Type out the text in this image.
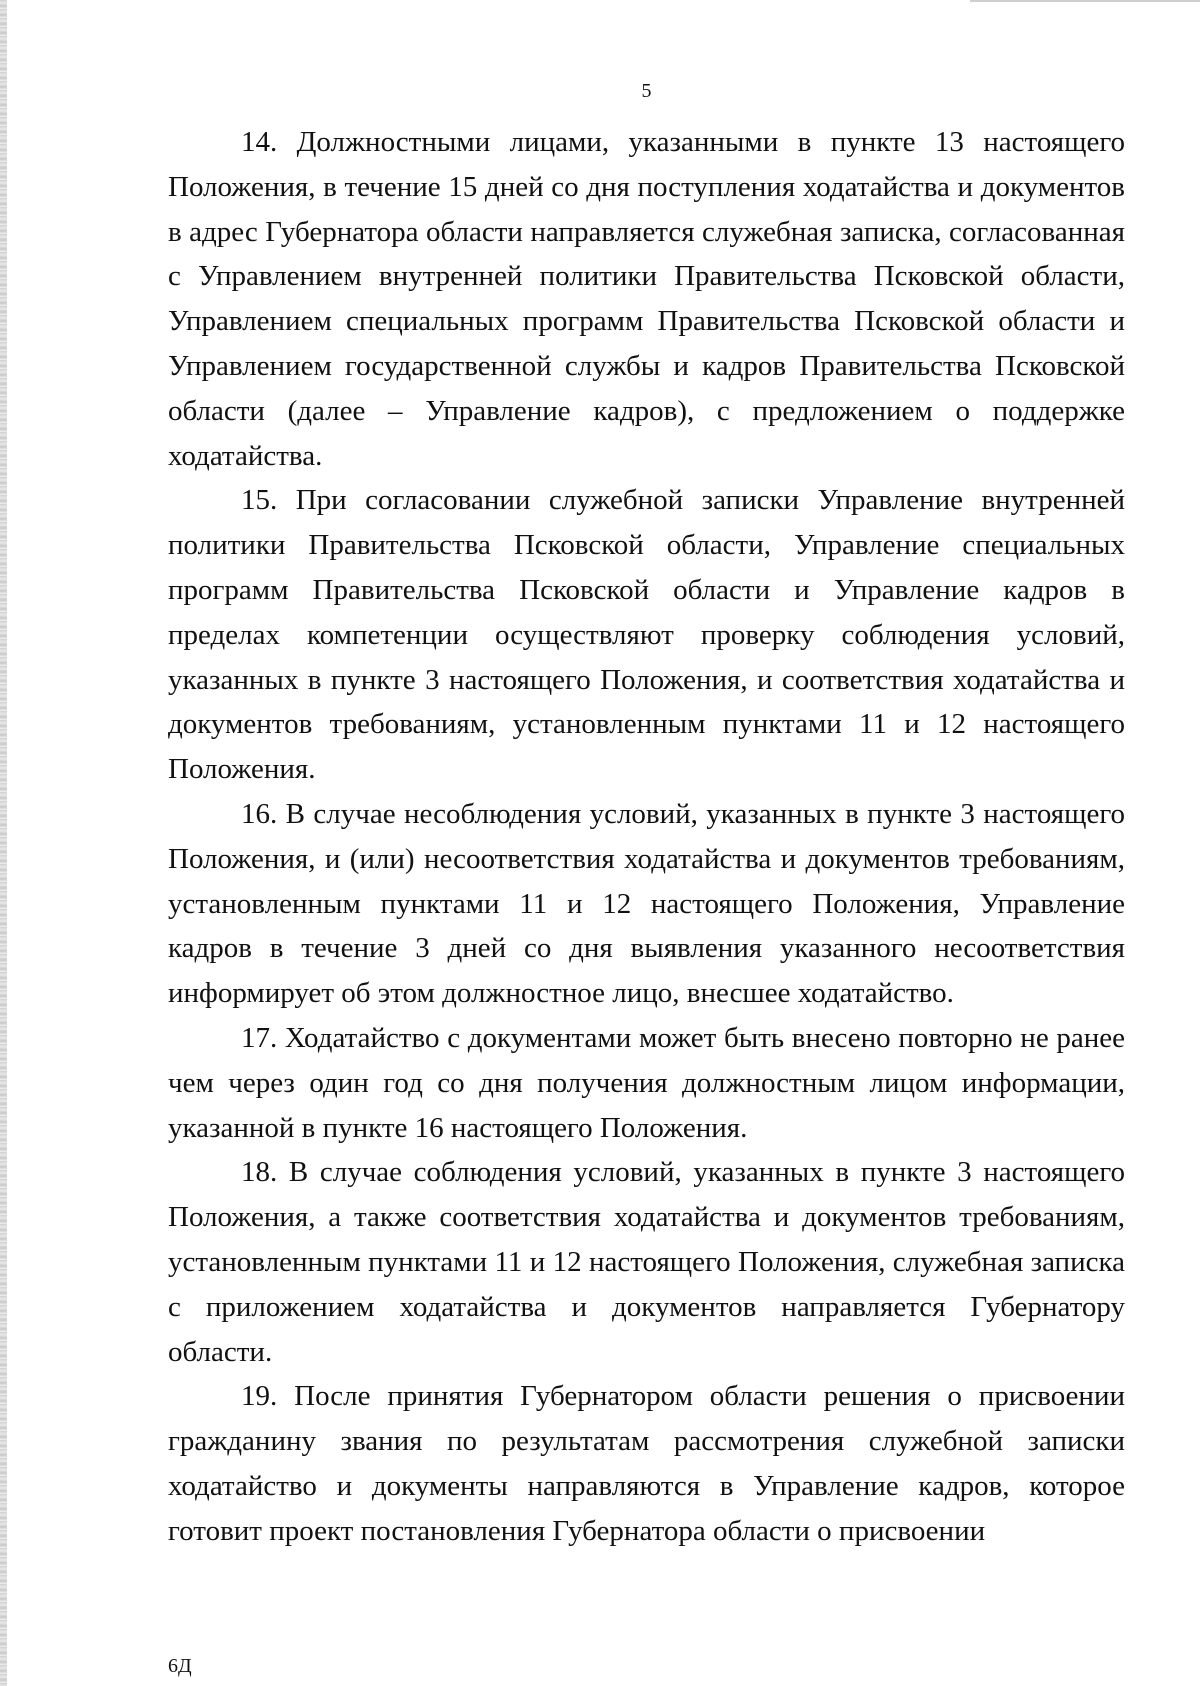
5

14. Должностными лицами, указанными в пункте 13 настоящего Положения, в течение 15 дней со дня поступления ходатайства и документов в адрес Губернатора области направляется служебная записка, согласованная с Управлением внутренней политики Правительства Псковской области, Управлением специальных программ Правительства Псковской области и Управлением государственной службы и кадров Правительства Псковской области (далее – Управление кадров), с предложением о поддержке ходатайства.

15. При согласовании служебной записки Управление внутренней политики Правительства Псковской области, Управление специальных программ Правительства Псковской области и Управление кадров в пределах компетенции осуществляют проверку соблюдения условий, указанных в пункте 3 настоящего Положения, и соответствия ходатайства и документов требованиям, установленным пунктами 11 и 12 настоящего Положения.

16. В случае несоблюдения условий, указанных в пункте 3 настоящего Положения, и (или) несоответствия ходатайства и документов требованиям, установленным пунктами 11 и 12 настоящего Положения, Управление кадров в течение 3 дней со дня выявления указанного несоответствия информирует об этом должностное лицо, внесшее ходатайство.

17. Ходатайство с документами может быть внесено повторно не ранее чем через один год со дня получения должностным лицом информации, указанной в пункте 16 настоящего Положения.

18. В случае соблюдения условий, указанных в пункте 3 настоящего Положения, а также соответствия ходатайства и документов требованиям, установленным пунктами 11 и 12 настоящего Положения, служебная записка с приложением ходатайства и документов направляется Губернатору области.

19. После принятия Губернатором области решения о присвоении гражданину звания по результатам рассмотрения служебной записки ходатайство и документы направляются в Управление кадров, которое готовит проект постановления Губернатора области о присвоении

6Д
